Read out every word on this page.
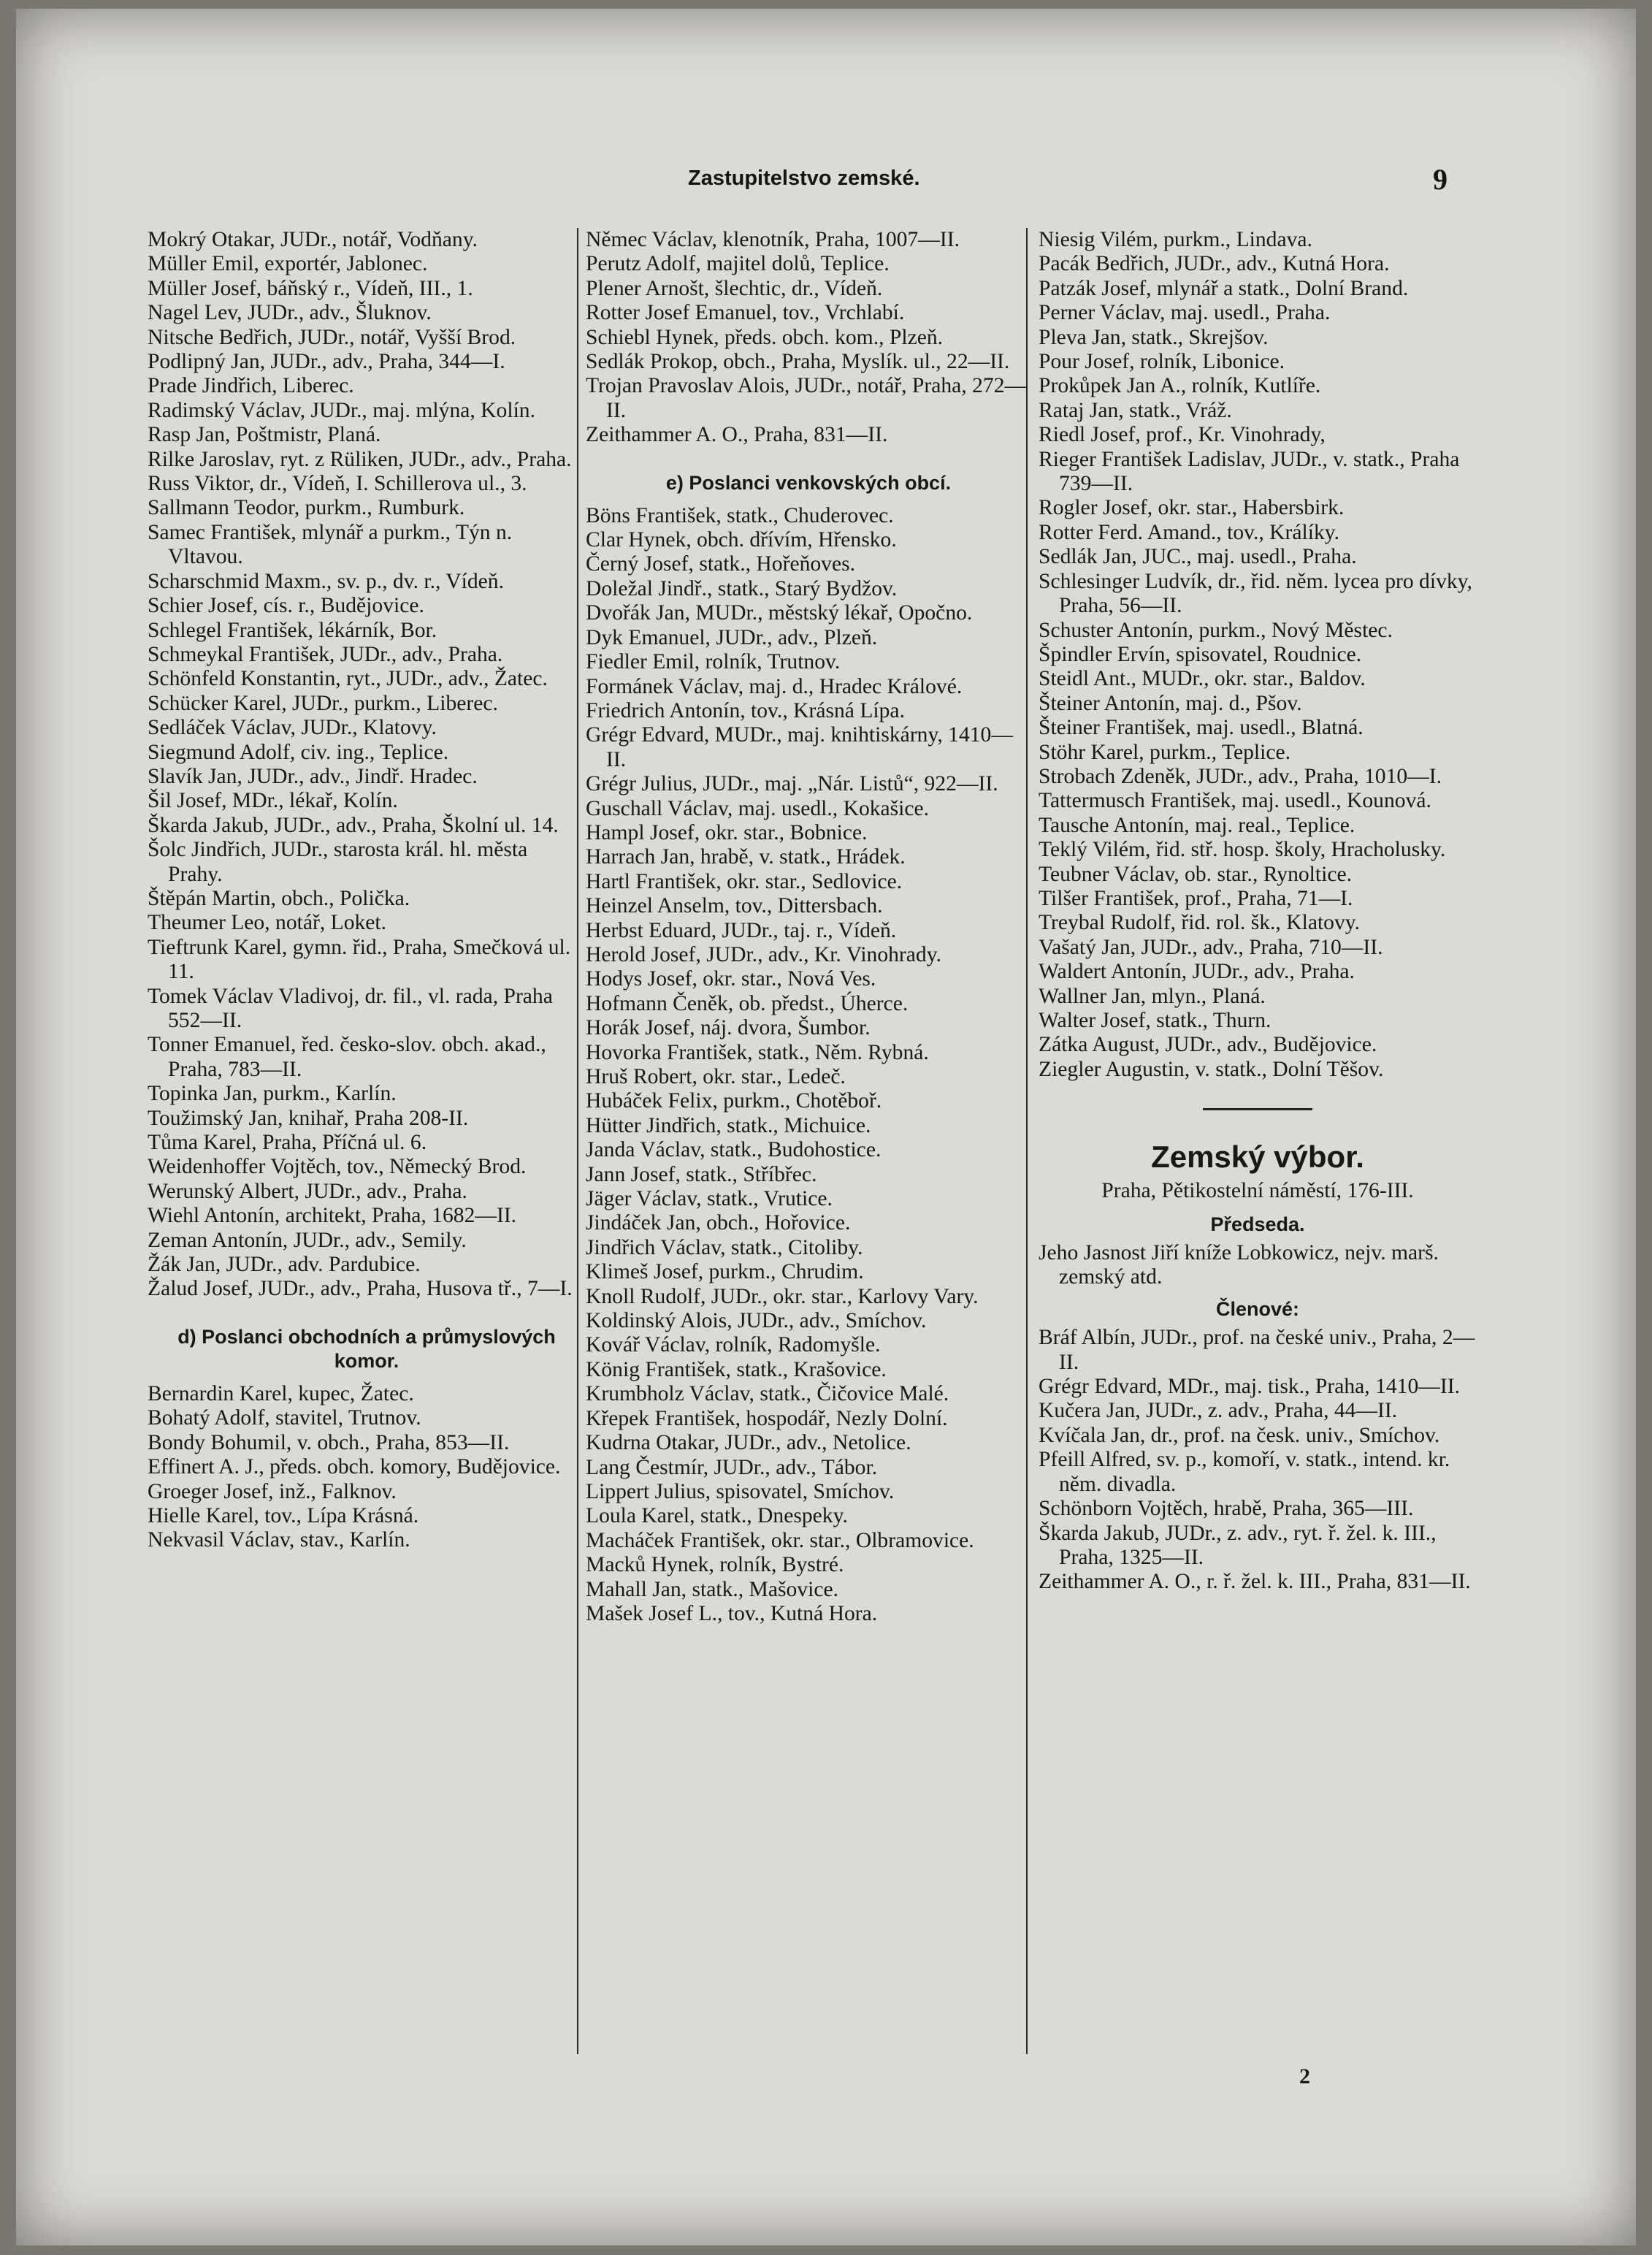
Zastupitelstvo zemské.	9

Mokrý Otakar, JUDr., notář, Vodňany.

Müller Emil, exportér, Jablonec.

Müller Josef, báňský r., Vídeň, III., 1.

Nagel Lev, JUDr., adv., Šluknov.

Nitsche Bedřich, JUDr., notář, Vyšší Brod.

Podlipný Jan, JUDr., adv., Praha, 344—I.

Prade Jindřich, Liberec.

Radimský Václav, JUDr., maj. mlýna, Kolín.

Rasp Jan, Poštmistr, Planá.

Rilke Jaroslav, ryt. z Rüliken, JUDr., adv., Praha.

Russ Viktor, dr., Vídeň, I. Schillerova ul., 3.

Sallmann Teodor, purkm., Rumburk.

Samec František, mlynář a purkm., Týn n. Vltavou.

Scharschmid Maxm., sv. p., dv. r., Vídeň.

Schier Josef, cís. r., Budějovice.

Schlegel František, lékárník, Bor.

Schmeykal František, JUDr., adv., Praha.

Schönfeld Konstantin, ryt., JUDr., adv., Žatec.

Schücker Karel, JUDr., purkm., Liberec.

Sedláček Václav, JUDr., Klatovy.

Siegmund Adolf, civ. ing., Teplice.

Slavík Jan, JUDr., adv., Jindř. Hradec.

Šil Josef, MDr., lékař, Kolín.

Škarda Jakub, JUDr., adv., Praha, Školní ul. 14.

Šolc Jindřich, JUDr., starosta král. hl. města Prahy.

Štěpán Martin, obch., Polička.

Theumer Leo, notář, Loket.

Tieftrunk Karel, gymn. řid., Praha, Smečková ul. 11.

Tomek Václav Vladivoj, dr. fil., vl. rada, Praha 552—II.

Tonner Emanuel, řed. česko-slov. obch. akad., Praha, 783—II.

Topinka Jan, purkm., Karlín.

Toužimský Jan, knihař, Praha 208-II.

Tůma Karel, Praha, Příčná ul. 6.

Weidenhoffer Vojtěch, tov., Německý Brod.

Werunský Albert, JUDr., adv., Praha.

Wiehl Antonín, architekt, Praha, 1682—II.

Zeman Antonín, JUDr., adv., Semily.

Žák Jan, JUDr., adv. Pardubice.

Žalud Josef, JUDr., adv., Praha, Husova tř., 7—I.

d) Poslanci obchodních a průmyslových komor.

Bernardin Karel, kupec, Žatec.

Bohatý Adolf, stavitel, Trutnov.

Bondy Bohumil, v. obch., Praha, 853—II.

Effinert A. J., předs. obch. komory, Budějovice.

Groeger Josef, inž., Falknov.

Hielle Karel, tov., Lípa Krásná.

Nekvasil Václav, stav., Karlín.

Němec Václav, klenotník, Praha, 1007—II.

Perutz Adolf, majitel dolů, Teplice.

Plener Arnošt, šlechtic, dr., Vídeň.

Rotter Josef Emanuel, tov., Vrchlabí.

Schiebl Hynek, předs. obch. kom., Plzeň.

Sedlák Prokop, obch., Praha, Myslík. ul., 22—II.

Trojan Pravoslav Alois, JUDr., notář, Praha, 272—II.

Zeithammer A. O., Praha, 831—II.

e) Poslanci venkovských obcí.

Böns František, statk., Chuderovec.

Clar Hynek, obch. dřívím, Hřensko.

Černý Josef, statk., Hořeňoves.

Doležal Jindř., statk., Starý Bydžov.

Dvořák Jan, MUDr., městský lékař, Opočno.

Dyk Emanuel, JUDr., adv., Plzeň.

Fiedler Emil, rolník, Trutnov.

Formánek Václav, maj. d., Hradec Králové.

Friedrich Antonín, tov., Krásná Lípa.

Grégr Edvard, MUDr., maj. knihtiskárny, 1410—II.

Grégr Julius, JUDr., maj. „Nár. Listů“, 922—II.

Guschall Václav, maj. usedl., Kokašice.

Hampl Josef, okr. star., Bobnice.

Harrach Jan, hrabě, v. statk., Hrádek.

Hartl František, okr. star., Sedlovice.

Heinzel Anselm, tov., Dittersbach.

Herbst Eduard, JUDr., taj. r., Vídeň.

Herold Josef, JUDr., adv., Kr. Vinohrady.

Hodys Josef, okr. star., Nová Ves.

Hofmann Čeněk, ob. předst., Úherce.

Horák Josef, náj. dvora, Šumbor.

Hovorka František, statk., Něm. Rybná.

Hruš Robert, okr. star., Ledeč.

Hubáček Felix, purkm., Chotěboř.

Hütter Jindřich, statk., Michuice.

Janda Václav, statk., Budohostice.

Jann Josef, statk., Stříbřec.

Jäger Václav, statk., Vrutice.

Jindáček Jan, obch., Hořovice.

Jindřich Václav, statk., Citoliby.

Klimeš Josef, purkm., Chrudim.

Knoll Rudolf, JUDr., okr. star., Karlovy Vary.

Koldinský Alois, JUDr., adv., Smíchov.

Kovář Václav, rolník, Radomyšle.

König František, statk., Krašovice.

Krumbholz Václav, statk., Čičovice Malé.

Křepek František, hospodář, Nezly Dolní.

Kudrna Otakar, JUDr., adv., Netolice.

Lang Čestmír, JUDr., adv., Tábor.

Lippert Julius, spisovatel, Smíchov.

Loula Karel, statk., Dnespeky.

Macháček František, okr. star., Olbramovice.

Macků Hynek, rolník, Bystré.

Mahall Jan, statk., Mašovice.

Mašek Josef L., tov., Kutná Hora.

Niesig Vilém, purkm., Lindava.

Pacák Bedřich, JUDr., adv., Kutná Hora.

Patzák Josef, mlynář a statk., Dolní Brand.

Perner Václav, maj. usedl., Praha.

Pleva Jan, statk., Skrejšov.

Pour Josef, rolník, Libonice.

Prokůpek Jan A., rolník, Kutlíře.

Rataj Jan, statk., Vráž.

Riedl Josef, prof., Kr. Vinohrady,

Rieger František Ladislav, JUDr., v. statk., Praha 739—II.

Rogler Josef, okr. star., Habersbirk.

Rotter Ferd. Amand., tov., Králíky.

Sedlák Jan, JUC., maj. usedl., Praha.

Schlesinger Ludvík, dr., řid. něm. lycea pro dívky, Praha, 56—II.

Schuster Antonín, purkm., Nový Městec.

Špindler Ervín, spisovatel, Roudnice.

Steidl Ant., MUDr., okr. star., Baldov.

Šteiner Antonín, maj. d., Pšov.

Šteiner František, maj. usedl., Blatná.

Stöhr Karel, purkm., Teplice.

Strobach Zdeněk, JUDr., adv., Praha, 1010—I.

Tattermusch František, maj. usedl., Kounová.

Tausche Antonín, maj. real., Teplice.

Teklý Vilém, řid. stř. hosp. školy, Hracholusky.

Teubner Václav, ob. star., Rynoltice.

Tilšer František, prof., Praha, 71—I.

Treybal Rudolf, řid. rol. šk., Klatovy.

Vašatý Jan, JUDr., adv., Praha, 710—II.

Waldert Antonín, JUDr., adv., Praha.

Wallner Jan, mlyn., Planá.

Walter Josef, statk., Thurn.

Zátka August, JUDr., adv., Budějovice.

Ziegler Augustin, v. statk., Dolní Těšov.

Zemský výbor.

Praha, Pětikostelní náměstí, 176-III.

Předseda.

Jeho Jasnost Jiří kníže Lobkowicz, nejv. marš. zemský atd.

Členové:

Bráf Albín, JUDr., prof. na české univ., Praha, 2—II.

Grégr Edvard, MDr., maj. tisk., Praha, 1410—II.

Kučera Jan, JUDr., z. adv., Praha, 44—II.

Kvíčala Jan, dr., prof. na česk. univ., Smíchov.

Pfeill Alfred, sv. p., komoří, v. statk., intend. kr. něm. divadla.

Schönborn Vojtěch, hrabě, Praha, 365—III.

Škarda Jakub, JUDr., z. adv., ryt. ř. žel. k. III., Praha, 1325—II.

Zeithammer A. O., r. ř. žel. k. III., Praha, 831—II.

2
